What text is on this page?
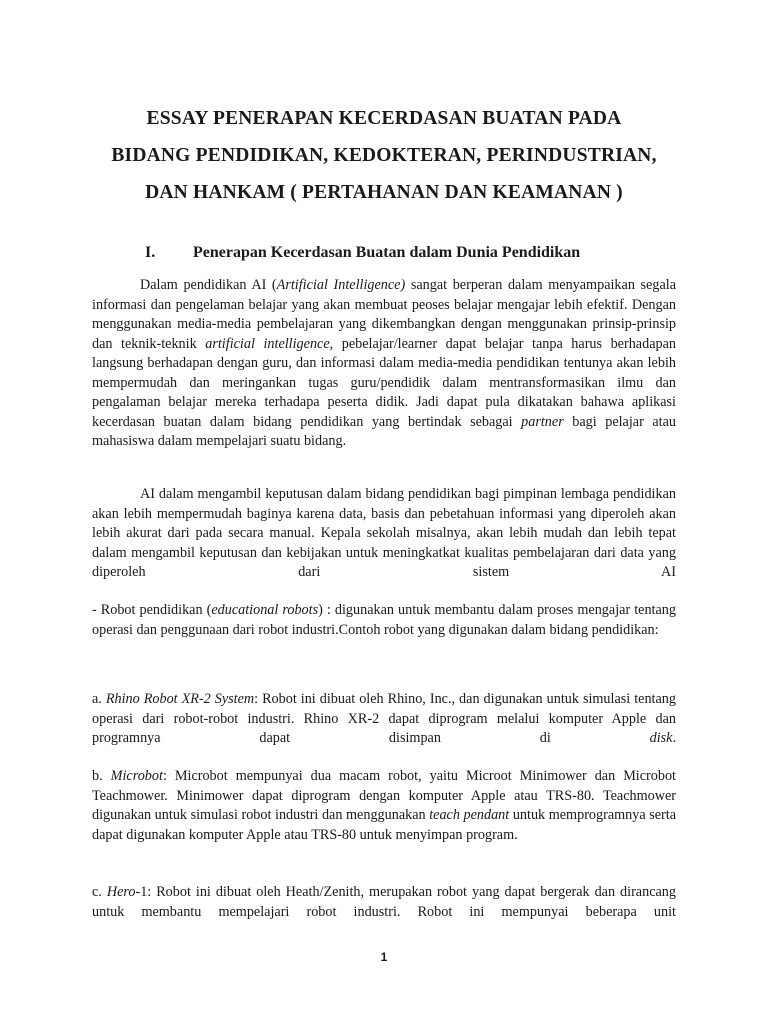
ESSAY PENERAPAN KECERDASAN BUATAN PADA
BIDANG PENDIDIKAN, KEDOKTERAN, PERINDUSTRIAN,
DAN HANKAM ( PERTAHANAN DAN KEAMANAN )
I. Penerapan Kecerdasan Buatan dalam Dunia Pendidikan

Dalam pendidikan AI (Artificial Intelligence) sangat berperan dalam menyampaikan segala informasi dan pengelaman belajar yang akan membuat peoses belajar mengajar lebih efektif. Dengan menggunakan media-media pembelajaran yang dikembangkan dengan menggunakan prinsip-prinsip dan teknik-teknik artificial intelligence, pebelajar/learner dapat belajar tanpa harus berhadapan langsung berhadapan dengan guru, dan informasi dalam media-media pendidikan tentunya akan lebih mempermudah dan meringankan tugas guru/pendidik dalam mentransformasikan ilmu dan pengalaman belajar mereka terhadapa peserta didik. Jadi dapat pula dikatakan bahawa aplikasi kecerdasan buatan dalam bidang pendidikan yang bertindak sebagai partner bagi pelajar atau mahasiswa dalam mempelajari suatu bidang.

AI dalam mengambil keputusan dalam bidang pendidikan bagi pimpinan lembaga pendidikan akan lebih mempermudah baginya karena data, basis dan pebetahuan informasi yang diperoleh akan lebih akurat dari pada secara manual. Kepala sekolah misalnya, akan lebih mudah dan lebih tepat dalam mengambil keputusan dan kebijakan untuk meningkatkat kualitas pembelajaran dari data yang diperoleh dari sistem AI

- Robot pendidikan (educational robots) : digunakan untuk membantu dalam proses mengajar tentang operasi dan penggunaan dari robot industri.Contoh robot yang digunakan dalam bidang pendidikan:

a. Rhino Robot XR-2 System: Robot ini dibuat oleh Rhino, Inc., dan digunakan untuk simulasi tentang operasi dari robot-robot industri. Rhino XR-2 dapat diprogram melalui komputer Apple dan programnya dapat disimpan di disk.

b. Microbot: Microbot mempunyai dua macam robot, yaitu Microot Minimower dan Microbot Teachmower. Minimower dapat diprogram dengan komputer Apple atau TRS-80. Teachmower digunakan untuk simulasi robot industri dan menggunakan teach pendant untuk memprogramnya serta dapat digunakan komputer Apple atau TRS-80 untuk menyimpan program.

c. Hero-1: Robot ini dibuat oleh Heath/Zenith, merupakan robot yang dapat bergerak dan dirancang untuk membantu mempelajari robot industri. Robot ini mempunyai beberapa unit

1
